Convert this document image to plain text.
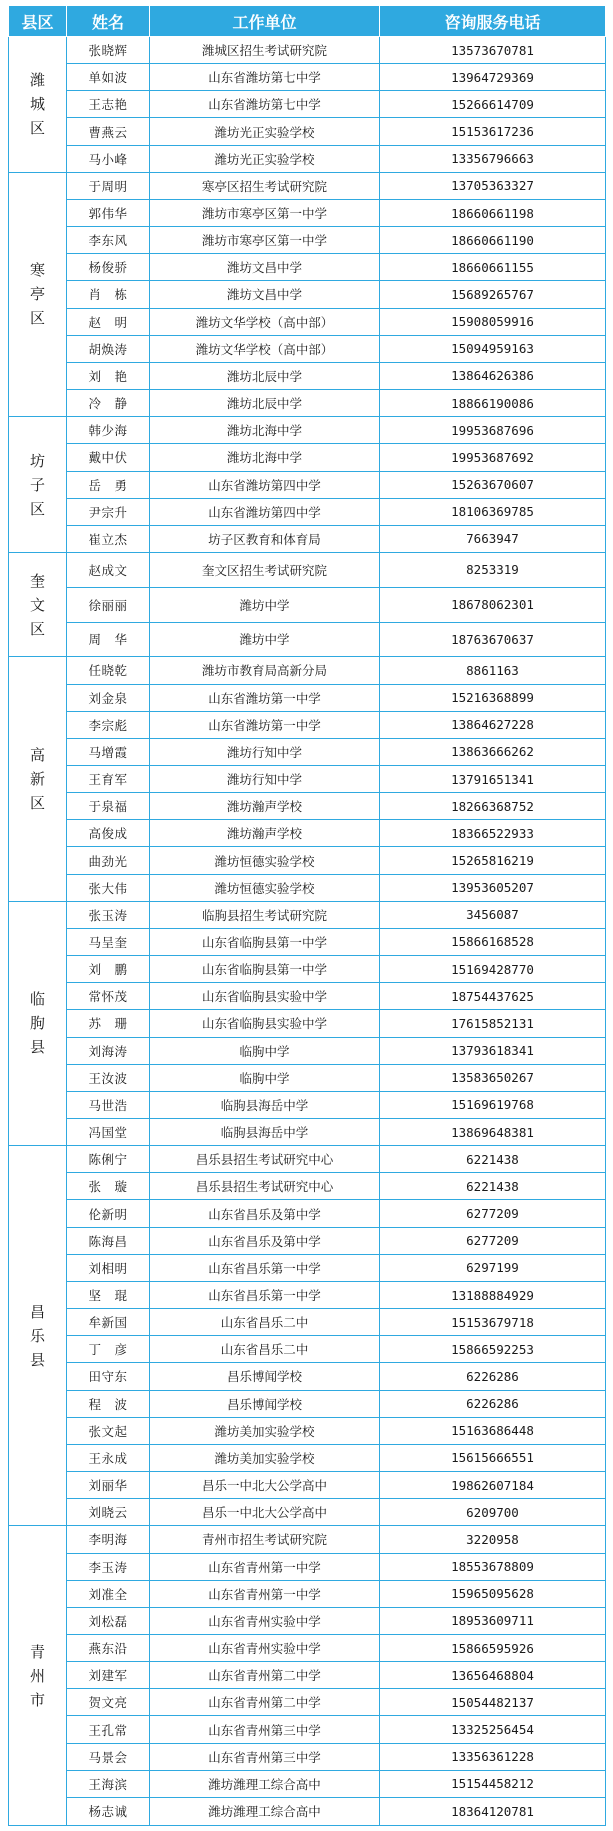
县区	姓名	工作单位	咨询服务电话
潍城区	张晓辉	潍城区招生考试研究院	13573670781
	单如波	山东省潍坊第七中学	13964729369
	王志艳	山东省潍坊第七中学	15266614709
	曹燕云	潍坊光正实验学校	15153617236
	马小峰	潍坊光正实验学校	13356796663
寒亭区	于周明	寒亭区招生考试研究院	13705363327
	郭伟华	潍坊市寒亭区第一中学	18660661198
	李东风	潍坊市寒亭区第一中学	18660661190
	杨俊骄	潍坊文昌中学	18660661155
	肖　栋	潍坊文昌中学	15689265767
	赵　明	潍坊文华学校（高中部）	15908059916
	胡焕涛	潍坊文华学校（高中部）	15094959163
	刘　艳	潍坊北辰中学	13864626386
	冷　静	潍坊北辰中学	18866190086
坊子区	韩少海	潍坊北海中学	19953687696
	戴中伏	潍坊北海中学	19953687692
	岳　勇	山东省潍坊第四中学	15263670607
	尹宗升	山东省潍坊第四中学	18106369785
	崔立杰	坊子区教育和体育局	7663947
奎文区	赵成文	奎文区招生考试研究院	8253319
	徐丽丽	潍坊中学	18678062301
	周　华	潍坊中学	18763670637
高新区	任晓乾	潍坊市教育局高新分局	8861163
	刘金泉	山东省潍坊第一中学	15216368899
	李宗彪	山东省潍坊第一中学	13864627228
	马增霞	潍坊行知中学	13863666262
	王育军	潍坊行知中学	13791651341
	于泉福	潍坊瀚声学校	18266368752
	高俊成	潍坊瀚声学校	18366522933
	曲劲光	潍坊恒德实验学校	15265816219
	张大伟	潍坊恒德实验学校	13953605207
临朐县	张玉涛	临朐县招生考试研究院	3456087
	马呈奎	山东省临朐县第一中学	15866168528
	刘　鹏	山东省临朐县第一中学	15169428770
	常怀茂	山东省临朐县实验中学	18754437625
	苏　珊	山东省临朐县实验中学	17615852131
	刘海涛	临朐中学	13793618341
	王汝波	临朐中学	13583650267
	马世浩	临朐县海岳中学	15169619768
	冯国堂	临朐县海岳中学	13869648381
昌乐县	陈俐宁	昌乐县招生考试研究中心	6221438
	张　璇	昌乐县招生考试研究中心	6221438
	伦新明	山东省昌乐及第中学	6277209
	陈海昌	山东省昌乐及第中学	6277209
	刘相明	山东省昌乐第一中学	6297199
	坚　琨	山东省昌乐第一中学	13188884929
	牟新国	山东省昌乐二中	15153679718
	丁　彦	山东省昌乐二中	15866592253
	田守东	昌乐博闻学校	6226286
	程　波	昌乐博闻学校	6226286
	张文起	潍坊美加实验学校	15163686448
	王永成	潍坊美加实验学校	15615666551
	刘丽华	昌乐一中北大公学高中	19862607184
	刘晓云	昌乐一中北大公学高中	6209700
青州市	李明海	青州市招生考试研究院	3220958
	李玉涛	山东省青州第一中学	18553678809
	刘准全	山东省青州第一中学	15965095628
	刘松磊	山东省青州实验中学	18953609711
	燕东沿	山东省青州实验中学	15866595926
	刘建军	山东省青州第二中学	13656468804
	贺文亮	山东省青州第二中学	15054482137
	王孔常	山东省青州第三中学	13325256454
	马景会	山东省青州第三中学	13356361228
	王海滨	潍坊潍理工综合高中	15154458212
	杨志诚	潍坊潍理工综合高中	18364120781
